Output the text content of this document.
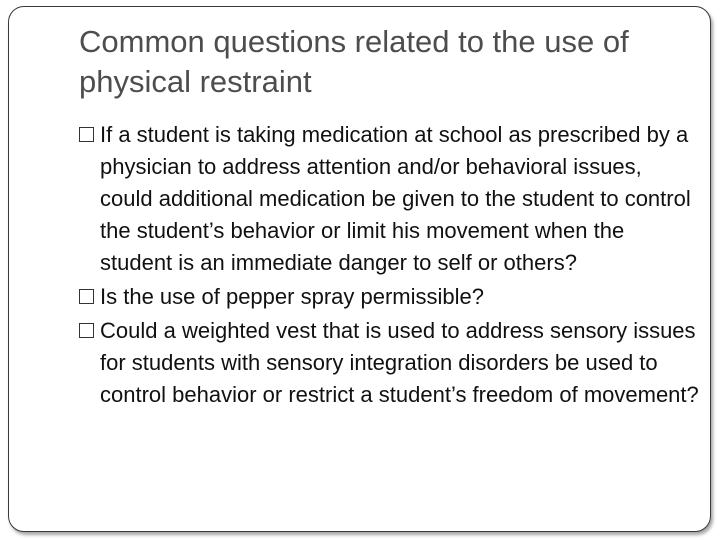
Common questions related to the use of physical restraint
If a student is taking medication at school as prescribed by a physician to address attention and/or behavioral issues, could additional medication be given to the student to control the student’s behavior or limit his movement when the student is an immediate danger to self or others?
Is the use of pepper spray permissible?
Could a weighted vest that is used to address sensory issues for students with sensory integration disorders be used to control behavior or restrict a student’s freedom of movement?
